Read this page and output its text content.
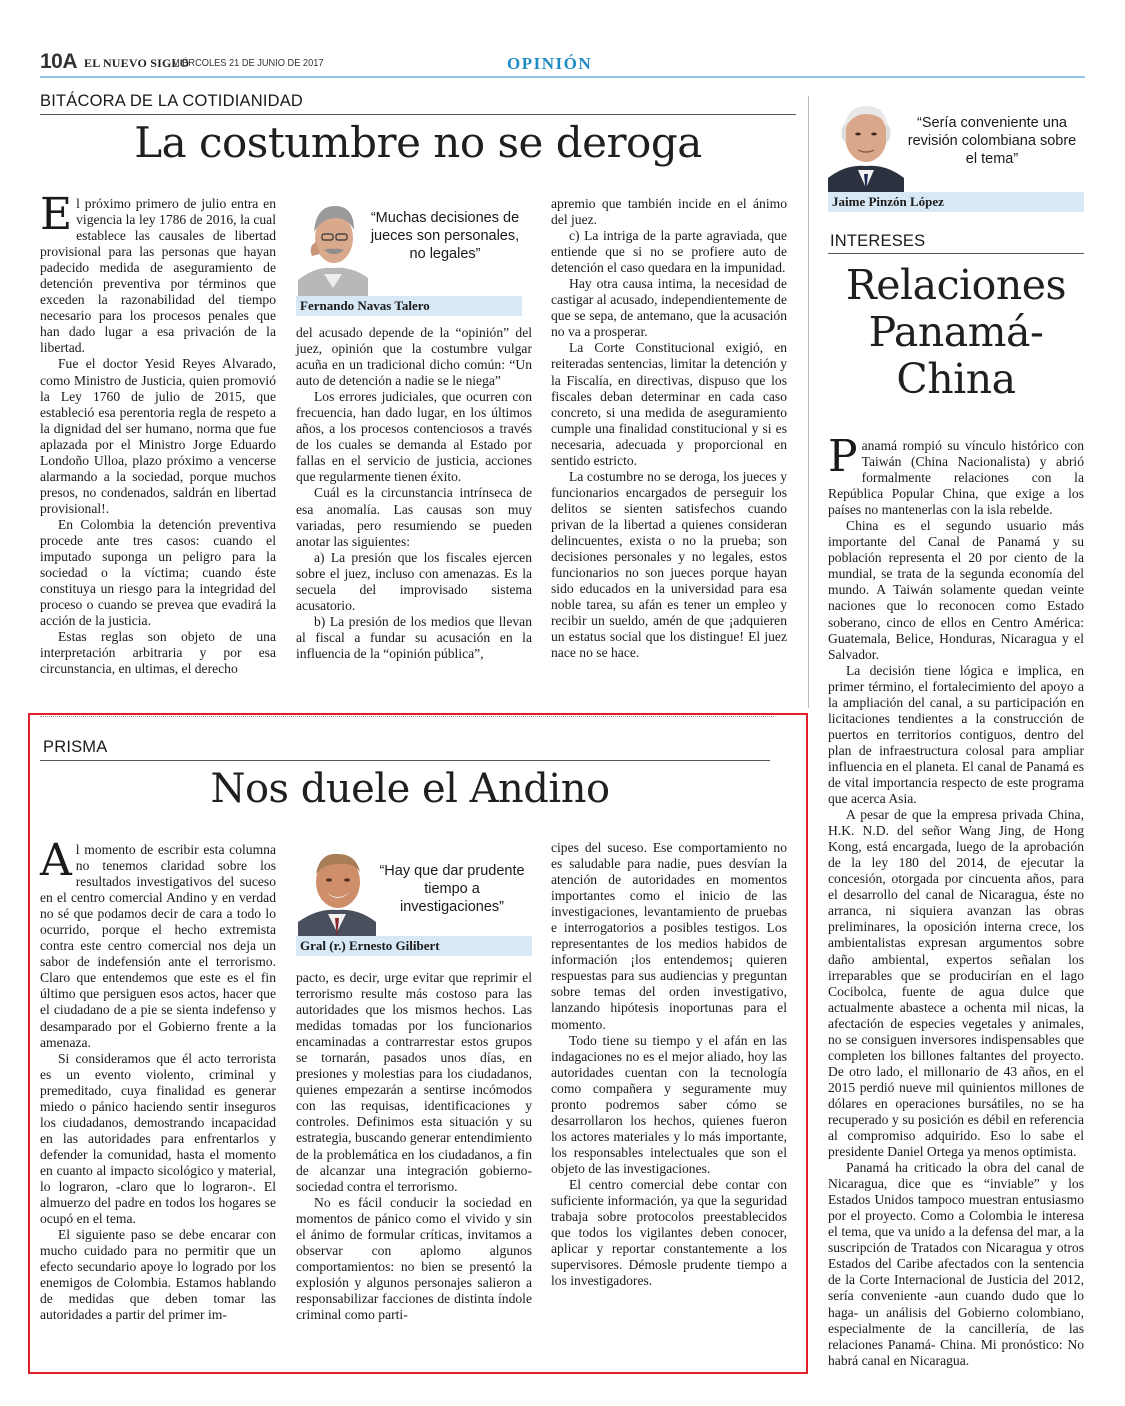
10A EL NUEVO SIGLO
MIÉRCOLES 21 DE JUNIO DE 2017	OPINIÓN
BITÁCORA DE LA COTIDIANIDAD
La costumbre no se deroga
E l próximo primero de julio entra en vigencia la ley 1786 de 2016, la cual establece las causales de libertad provisional para las personas que hayan padecido medida de aseguramiento de detención preventiva por términos que exceden la razonabilidad del tiempo necesario para los procesos penales que han dado lugar a esa privación de la libertad.

Fue el doctor Yesid Reyes Alvarado, como Ministro de Justicia, quien promovió la Ley 1760 de julio de 2015, que estableció esa perentoria regla de respeto a la dignidad del ser humano, norma que fue aplazada por el Ministro Jorge Eduardo Londoño Ulloa, plazo próximo a vencerse alarmando a la sociedad, porque muchos presos, no condenados, saldrán en libertad provisional!.

En Colombia la detención preventiva procede ante tres casos: cuando el imputado suponga un peligro para la sociedad o la víctima; cuando éste constituya un riesgo para la integridad del proceso o cuando se prevea que evadirá la acción de la justicia.

Estas reglas son objeto de una interpretación arbitraria y por esa circunstancia, en ultimas, el derecho

“Muchas decisiones de jueces son personales, no legales”
Fernando Navas Talero

del acusado depende de la “opinión” del juez, opinión que la costumbre vulgar acuña en un tradicional dicho común: “Un auto de detención a nadie se le niega”

Los errores judiciales, que ocurren con frecuencia, han dado lugar, en los últimos años, a los procesos contenciosos a través de los cuales se demanda al Estado por fallas en el servicio de justicia, acciones que regularmente tienen éxito.

Cuál es la circunstancia intrínseca de esa anomalía. Las causas son muy variadas, pero resumiendo se pueden anotar las siguientes:

a) La presión que los fiscales ejercen sobre el juez, incluso con amenazas. Es la secuela del improvisado sistema acusatorio.

b) La presión de los medios que llevan al fiscal a fundar su acusación en la influencia de la “opinión pública”,

apremio que también incide en el ánimo del juez.

c) La intriga de la parte agraviada, que entiende que si no se profiere auto de detención el caso quedara en la impunidad.

Hay otra causa intima, la necesidad de castigar al acusado, independientemente de que se sepa, de antemano, que la acusación no va a prosperar.

La Corte Constitucional exigió, en reiteradas sentencias, limitar la detención y la Fiscalía, en directivas, dispuso que los fiscales deban determinar en cada caso concreto, si una medida de aseguramiento cumple una finalidad constitucional y si es necesaria, adecuada y proporcional en sentido estricto.

La costumbre no se deroga, los jueces y funcionarios encargados de perseguir los delitos se sienten satisfechos cuando privan de la libertad a quienes consideran delincuentes, exista o no la prueba; son decisiones personales y no legales, estos funcionarios no son jueces porque hayan sido educados en la universidad para esa noble tarea, su afán es tener un empleo y recibir un sueldo, amén de que ¡adquieren un estatus social que los distingue! El juez nace no se hace.

PRISMA
Nos duele el Andino
A l momento de escribir esta columna no tenemos claridad sobre los resultados investigativos del suceso en el centro comercial Andino y en verdad no sé que podamos decir de cara a todo lo ocurrido, porque el hecho extremista contra este centro comercial nos deja un sabor de indefensión ante el terrorismo. Claro que entendemos que este es el fin último que persiguen esos actos, hacer que el ciudadano de a pie se sienta indefenso y desamparado por el Gobierno frente a la amenaza.

Si consideramos que él acto terrorista es un evento violento, criminal y premeditado, cuya finalidad es generar miedo o pánico haciendo sentir inseguros los ciudadanos, demostrando incapacidad en las autoridades para enfrentarlos y defender la comunidad, hasta el momento en cuanto al impacto sicológico y material, lo lograron, -claro que lo lograron-. El almuerzo del padre en todos los hogares se ocupó en el tema.

El siguiente paso se debe encarar con mucho cuidado para no permitir que un efecto secundario apoye lo logrado por los enemigos de Colombia. Estamos hablando de medidas que deben tomar las autoridades a partir del primer im-

“Hay que dar prudente tiempo a investigaciones”
Gral (r.) Ernesto Gilibert

pacto, es decir, urge evitar que reprimir el terrorismo resulte más costoso para las autoridades que los mismos hechos. Las medidas tomadas por los funcionarios encaminadas a contrarrestar estos grupos se tornarán, pasados unos días, en presiones y molestias para los ciudadanos, quienes empezarán a sentirse incómodos con las requisas, identificaciones y controles. Definimos esta situación y su estrategia, buscando generar entendimiento de la problemática en los ciudadanos, a fin de alcanzar una integración gobierno- sociedad contra el terrorismo.

No es fácil conducir la sociedad en momentos de pánico como el vivido y sin el ánimo de formular críticas, invitamos a observar con aplomo algunos comportamientos: no bien se presentó la explosión y algunos personajes salieron a responsabilizar facciones de distinta índole criminal como parti-

cipes del suceso. Ese comportamiento no es saludable para nadie, pues desvían la atención de autoridades en momentos importantes como el inicio de las investigaciones, levantamiento de pruebas e interrogatorios a posibles testigos. Los representantes de los medios habidos de información ¡los entendemos¡ quieren respuestas para sus audiencias y preguntan sobre temas del orden investigativo, lanzando hipótesis inoportunas para el momento.

Todo tiene su tiempo y el afán en las indagaciones no es el mejor aliado, hoy las autoridades cuentan con la tecnología como compañera y seguramente muy pronto podremos saber cómo se desarrollaron los hechos, quienes fueron los actores materiales y lo más importante, los responsables intelectuales que son el objeto de las investigaciones.

El centro comercial debe contar con suficiente información, ya que la seguridad trabaja sobre protocolos preestablecidos que todos los vigilantes deben conocer, aplicar y reportar constantemente a los supervisores. Démosle prudente tiempo a los investigadores.

“Sería conveniente una revisión colombiana sobre el tema”
Jaime Pinzón López
INTERESES
Relaciones
Panamá-
China
P anamá rompió su vínculo histórico con Taiwán (China Nacionalista) y abrió formalmente relaciones con la República Popular China, que exige a los países no mantenerlas con la isla rebelde.

China es el segundo usuario más importante del Canal de Panamá y su población representa el 20 por ciento de la mundial, se trata de la segunda economía del mundo. A Taiwán solamente quedan veinte naciones que lo reconocen como Estado soberano, cinco de ellos en Centro América: Guatemala, Belice, Honduras, Nicaragua y el Salvador.

La decisión tiene lógica e implica, en primer término, el fortalecimiento del apoyo a la ampliación del canal, a su participación en licitaciones tendientes a la construcción de puertos en territorios contiguos, dentro del plan de infraestructura colosal para ampliar influencia en el planeta. El canal de Panamá es de vital importancia respecto de este programa que acerca Asia.

A pesar de que la empresa privada China, H.K. N.D. del señor Wang Jing, de Hong Kong, está encargada, luego de la aprobación de la ley 180 del 2014, de ejecutar la concesión, otorgada por cincuenta años, para el desarrollo del canal de Nicaragua, éste no arranca, ni siquiera avanzan las obras preliminares, la oposición interna crece, los ambientalistas expresan argumentos sobre daño ambiental, expertos señalan los irreparables que se producirían en el lago Cocibolca, fuente de agua dulce que actualmente abastece a ochenta mil nicas, la afectación de especies vegetales y animales, no se consiguen inversores indispensables que completen los billones faltantes del proyecto. De otro lado, el millonario de 43 años, en el 2015 perdió nueve mil quinientos millones de dólares en operaciones bursátiles, no se ha recuperado y su posición es débil en referencia al compromiso adquirido. Eso lo sabe el presidente Daniel Ortega ya menos optimista.

Panamá ha criticado la obra del canal de Nicaragua, dice que es “inviable” y los Estados Unidos tampoco muestran entusiasmo por el proyecto. Como a Colombia le interesa el tema, que va unido a la defensa del mar, a la suscripción de Tratados con Nicaragua y otros Estados del Caribe afectados con la sentencia de la Corte Internacional de Justicia del 2012, sería conveniente -aun cuando dudo que lo haga- un análisis del Gobierno colombiano, especialmente de la cancillería, de las relaciones Panamá- China. Mi pronóstico: No habrá canal en Nicaragua.
